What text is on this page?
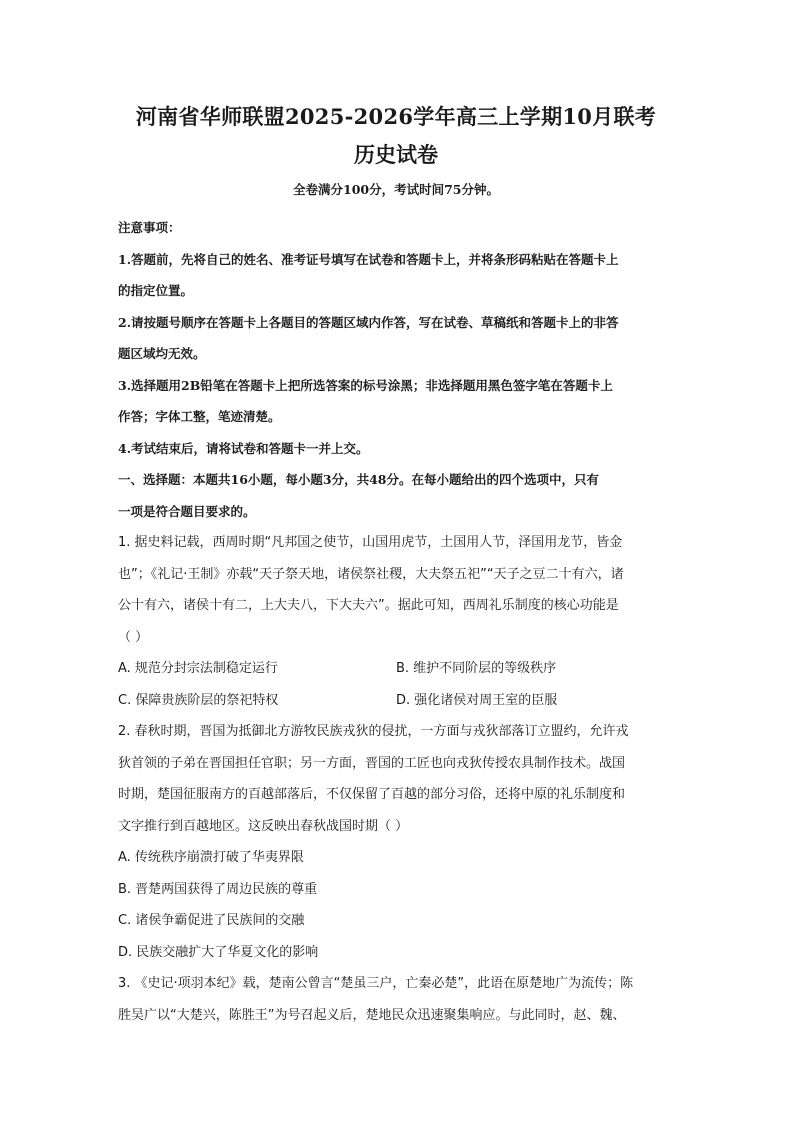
河南省华师联盟2025-2026学年高三上学期10月联考
历史试卷

全卷满分100分，考试时间75分钟。

注意事项：

1.答题前，先将自己的姓名、准考证号填写在试卷和答题卡上，并将条形码粘贴在答题卡上

的指定位置。

2.请按题号顺序在答题卡上各题目的答题区域内作答，写在试卷、草稿纸和答题卡上的非答

题区域均无效。

3.选择题用2B铅笔在答题卡上把所选答案的标号涂黑；非选择题用黑色签字笔在答题卡上

作答；字体工整，笔迹清楚。

4.考试结束后，请将试卷和答题卡一并上交。

一、选择题：本题共16小题，每小题3分，共48分。在每小题给出的四个选项中，只有

一项是符合题目要求的。

1. 据史料记载，西周时期“凡邦国之使节，山国用虎节，土国用人节，泽国用龙节，皆金

也”；《礼记·王制》亦载“天子祭天地，诸侯祭社稷，大夫祭五祀”“天子之豆二十有六，诸

公十有六，诸侯十有二，上大夫八，下大夫六”。据此可知，西周礼乐制度的核心功能是

（ ）

A. 规范分封宗法制稳定运行	B. 维护不同阶层的等级秩序

C. 保障贵族阶层的祭祀特权	D. 强化诸侯对周王室的臣服

2. 春秋时期，晋国为抵御北方游牧民族戎狄的侵扰，一方面与戎狄部落订立盟约，允许戎

狄首领的子弟在晋国担任官职；另一方面，晋国的工匠也向戎狄传授农具制作技术。战国

时期，楚国征服南方的百越部落后，不仅保留了百越的部分习俗，还将中原的礼乐制度和

文字推行到百越地区。这反映出春秋战国时期（ ）

A. 传统秩序崩溃打破了华夷界限

B. 晋楚两国获得了周边民族的尊重

C. 诸侯争霸促进了民族间的交融

D. 民族交融扩大了华夏文化的影响

3. 《史记·项羽本纪》载，楚南公曾言“楚虽三户，亡秦必楚”，此语在原楚地广为流传；陈

胜吴广以“大楚兴，陈胜王”为号召起义后，楚地民众迅速聚集响应。与此同时，赵、魏、
